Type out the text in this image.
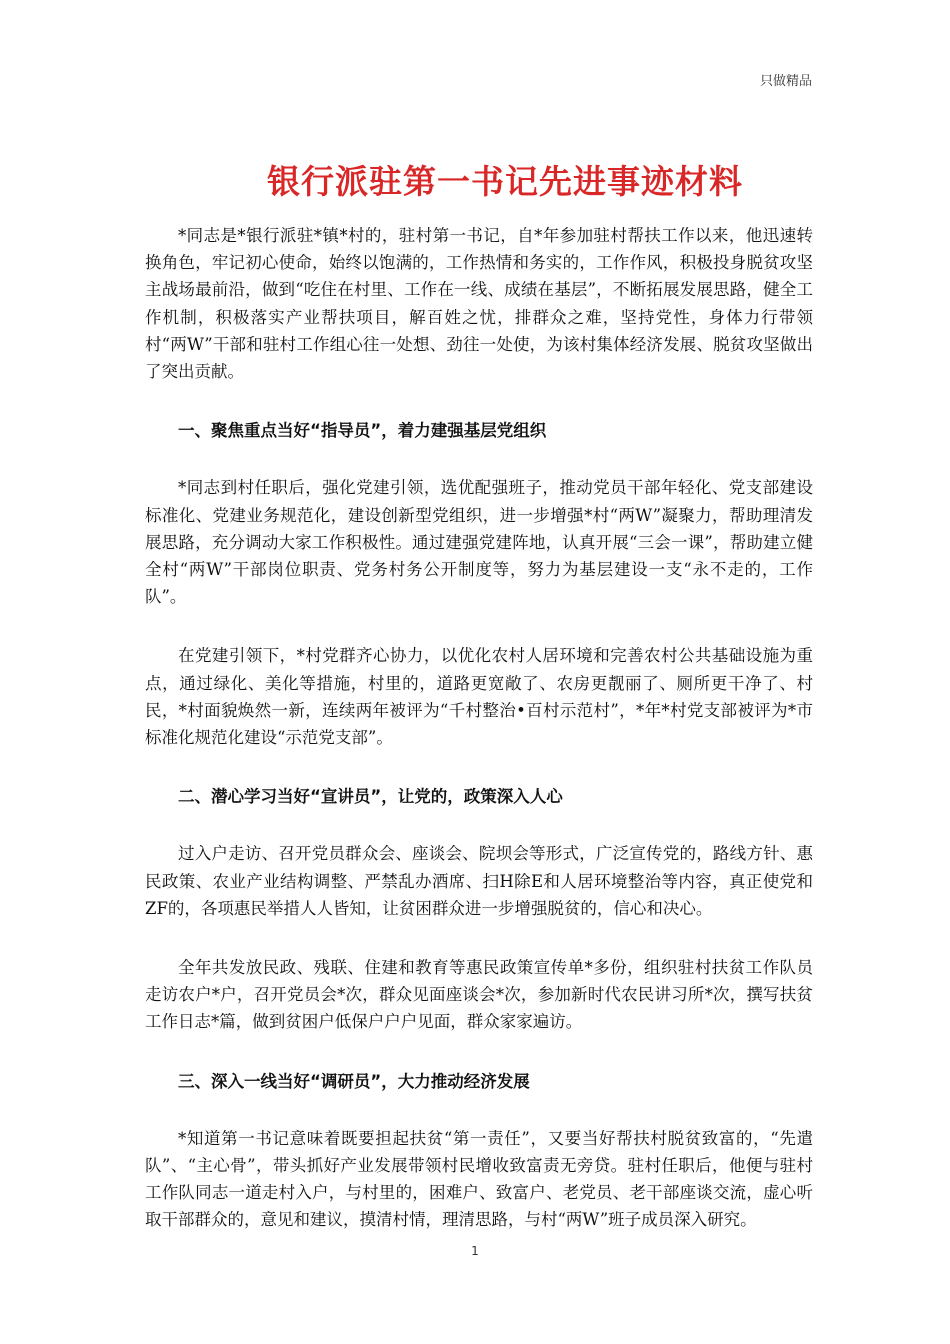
只做精品
银行派驻第一书记先进事迹材料

*同志是*银行派驻*镇*村的，驻村第一书记，自*年参加驻村帮扶工作以来，他迅速转换角色，牢记初心使命，始终以饱满的，工作热情和务实的，工作作风，积极投身脱贫攻坚主战场最前沿，做到“吃住在村里、工作在一线、成绩在基层”，不断拓展发展思路，健全工作机制，积极落实产业帮扶项目，解百姓之忧，排群众之难，坚持党性，身体力行带领村“两W”干部和驻村工作组心往一处想、劲往一处使，为该村集体经济发展、脱贫攻坚做出了突出贡献。

一、聚焦重点当好“指导员”，着力建强基层党组织

*同志到村任职后，强化党建引领，选优配强班子，推动党员干部年轻化、党支部建设标准化、党建业务规范化，建设创新型党组织，进一步增强*村“两W”凝聚力，帮助理清发展思路，充分调动大家工作积极性。通过建强党建阵地，认真开展“三会一课”，帮助建立健全村“两W”干部岗位职责、党务村务公开制度等，努力为基层建设一支“永不走的，工作队”。

在党建引领下，*村党群齐心协力，以优化农村人居环境和完善农村公共基础设施为重点，通过绿化、美化等措施，村里的，道路更宽敞了、农房更靓丽了、厕所更干净了、村民，*村面貌焕然一新，连续两年被评为“千村整治•百村示范村”，*年*村党支部被评为*市标准化规范化建设“示范党支部”。

二、潜心学习当好“宣讲员”，让党的，政策深入人心

过入户走访、召开党员群众会、座谈会、院坝会等形式，广泛宣传党的，路线方针、惠民政策、农业产业结构调整、严禁乱办酒席、扫H除E和人居环境整治等内容，真正使党和ZF的，各项惠民举措人人皆知，让贫困群众进一步增强脱贫的，信心和决心。

全年共发放民政、残联、住建和教育等惠民政策宣传单*多份，组织驻村扶贫工作队员走访农户*户，召开党员会*次，群众见面座谈会*次，参加新时代农民讲习所*次，撰写扶贫工作日志*篇，做到贫困户低保户户户见面，群众家家遍访。

三、深入一线当好“调研员”，大力推动经济发展

*知道第一书记意味着既要担起扶贫“第一责任”，又要当好帮扶村脱贫致富的，“先遣队”、“主心骨”，带头抓好产业发展带领村民增收致富责无旁贷。驻村任职后，他便与驻村工作队同志一道走村入户，与村里的，困难户、致富户、老党员、老干部座谈交流，虚心听取干部群众的，意见和建议，摸清村情，理清思路，与村“两W”班子成员深入研究。

1
